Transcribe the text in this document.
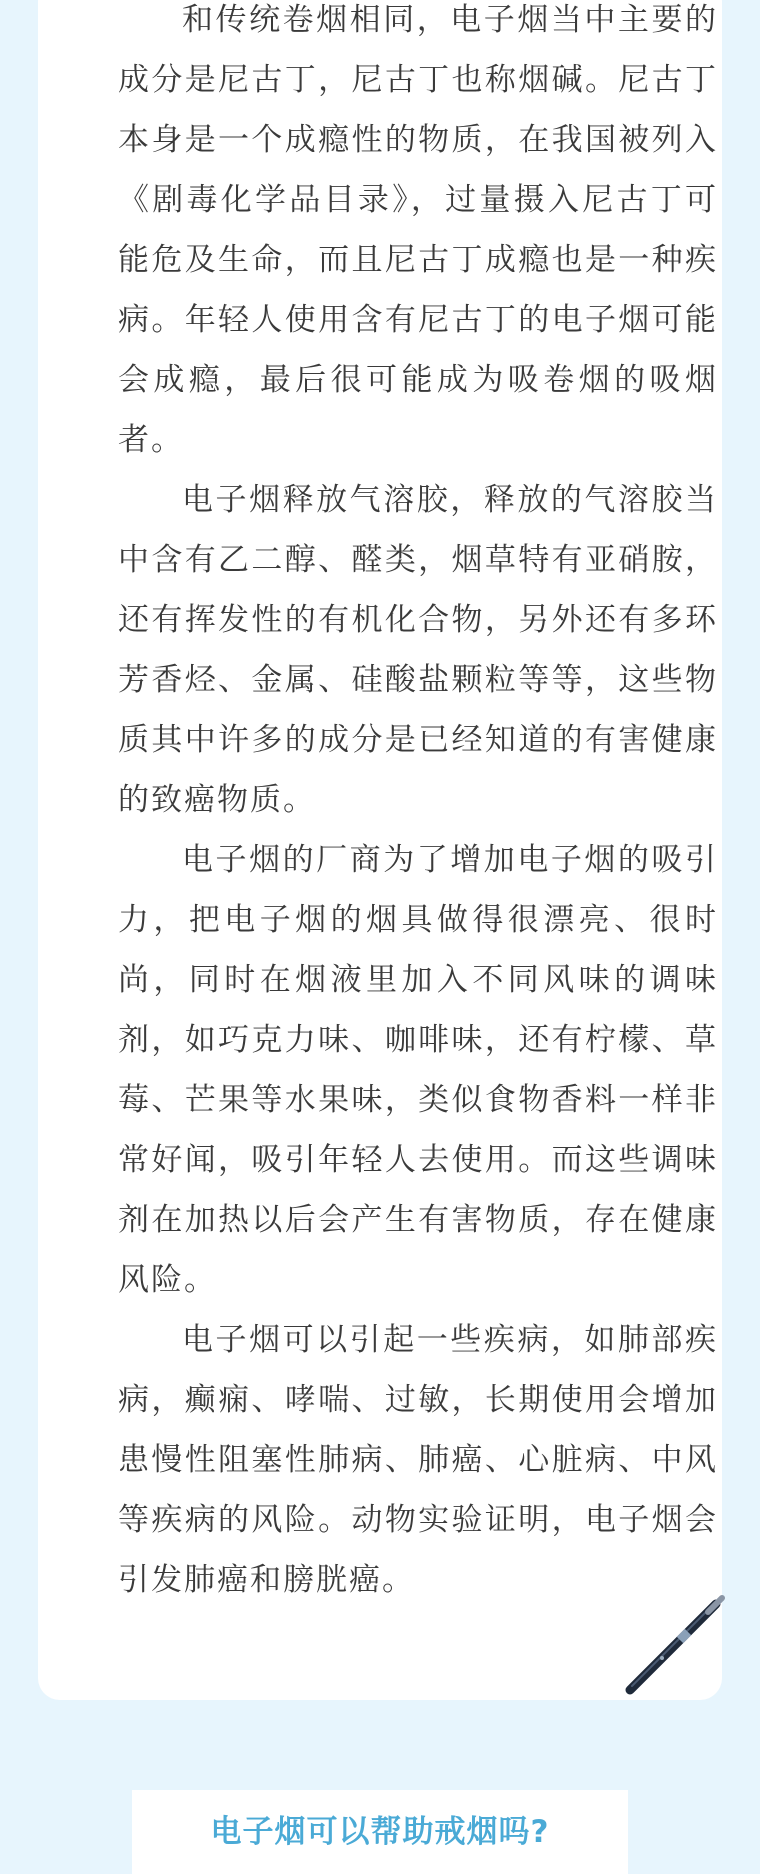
和传统卷烟相同，电子烟当中主要的成分是尼古丁，尼古丁也称烟碱。尼古丁本身是一个成瘾性的物质，在我国被列入《剧毒化学品目录》，过量摄入尼古丁可能危及生命，而且尼古丁成瘾也是一种疾病。年轻人使用含有尼古丁的电子烟可能会成瘾，最后很可能成为吸卷烟的吸烟者。

电子烟释放气溶胶，释放的气溶胶当中含有乙二醇、醛类，烟草特有亚硝胺，还有挥发性的有机化合物，另外还有多环芳香烃、金属、硅酸盐颗粒等等，这些物质其中许多的成分是已经知道的有害健康的致癌物质。

电子烟的厂商为了增加电子烟的吸引力，把电子烟的烟具做得很漂亮、很时尚，同时在烟液里加入不同风味的调味剂，如巧克力味、咖啡味，还有柠檬、草莓、芒果等水果味，类似食物香料一样非常好闻，吸引年轻人去使用。而这些调味剂在加热以后会产生有害物质，存在健康风险。

电子烟可以引起一些疾病，如肺部疾病，癫痫、哮喘、过敏，长期使用会增加患慢性阻塞性肺病、肺癌、心脏病、中风等疾病的风险。动物实验证明，电子烟会引发肺癌和膀胱癌。

电子烟可以帮助戒烟吗?
